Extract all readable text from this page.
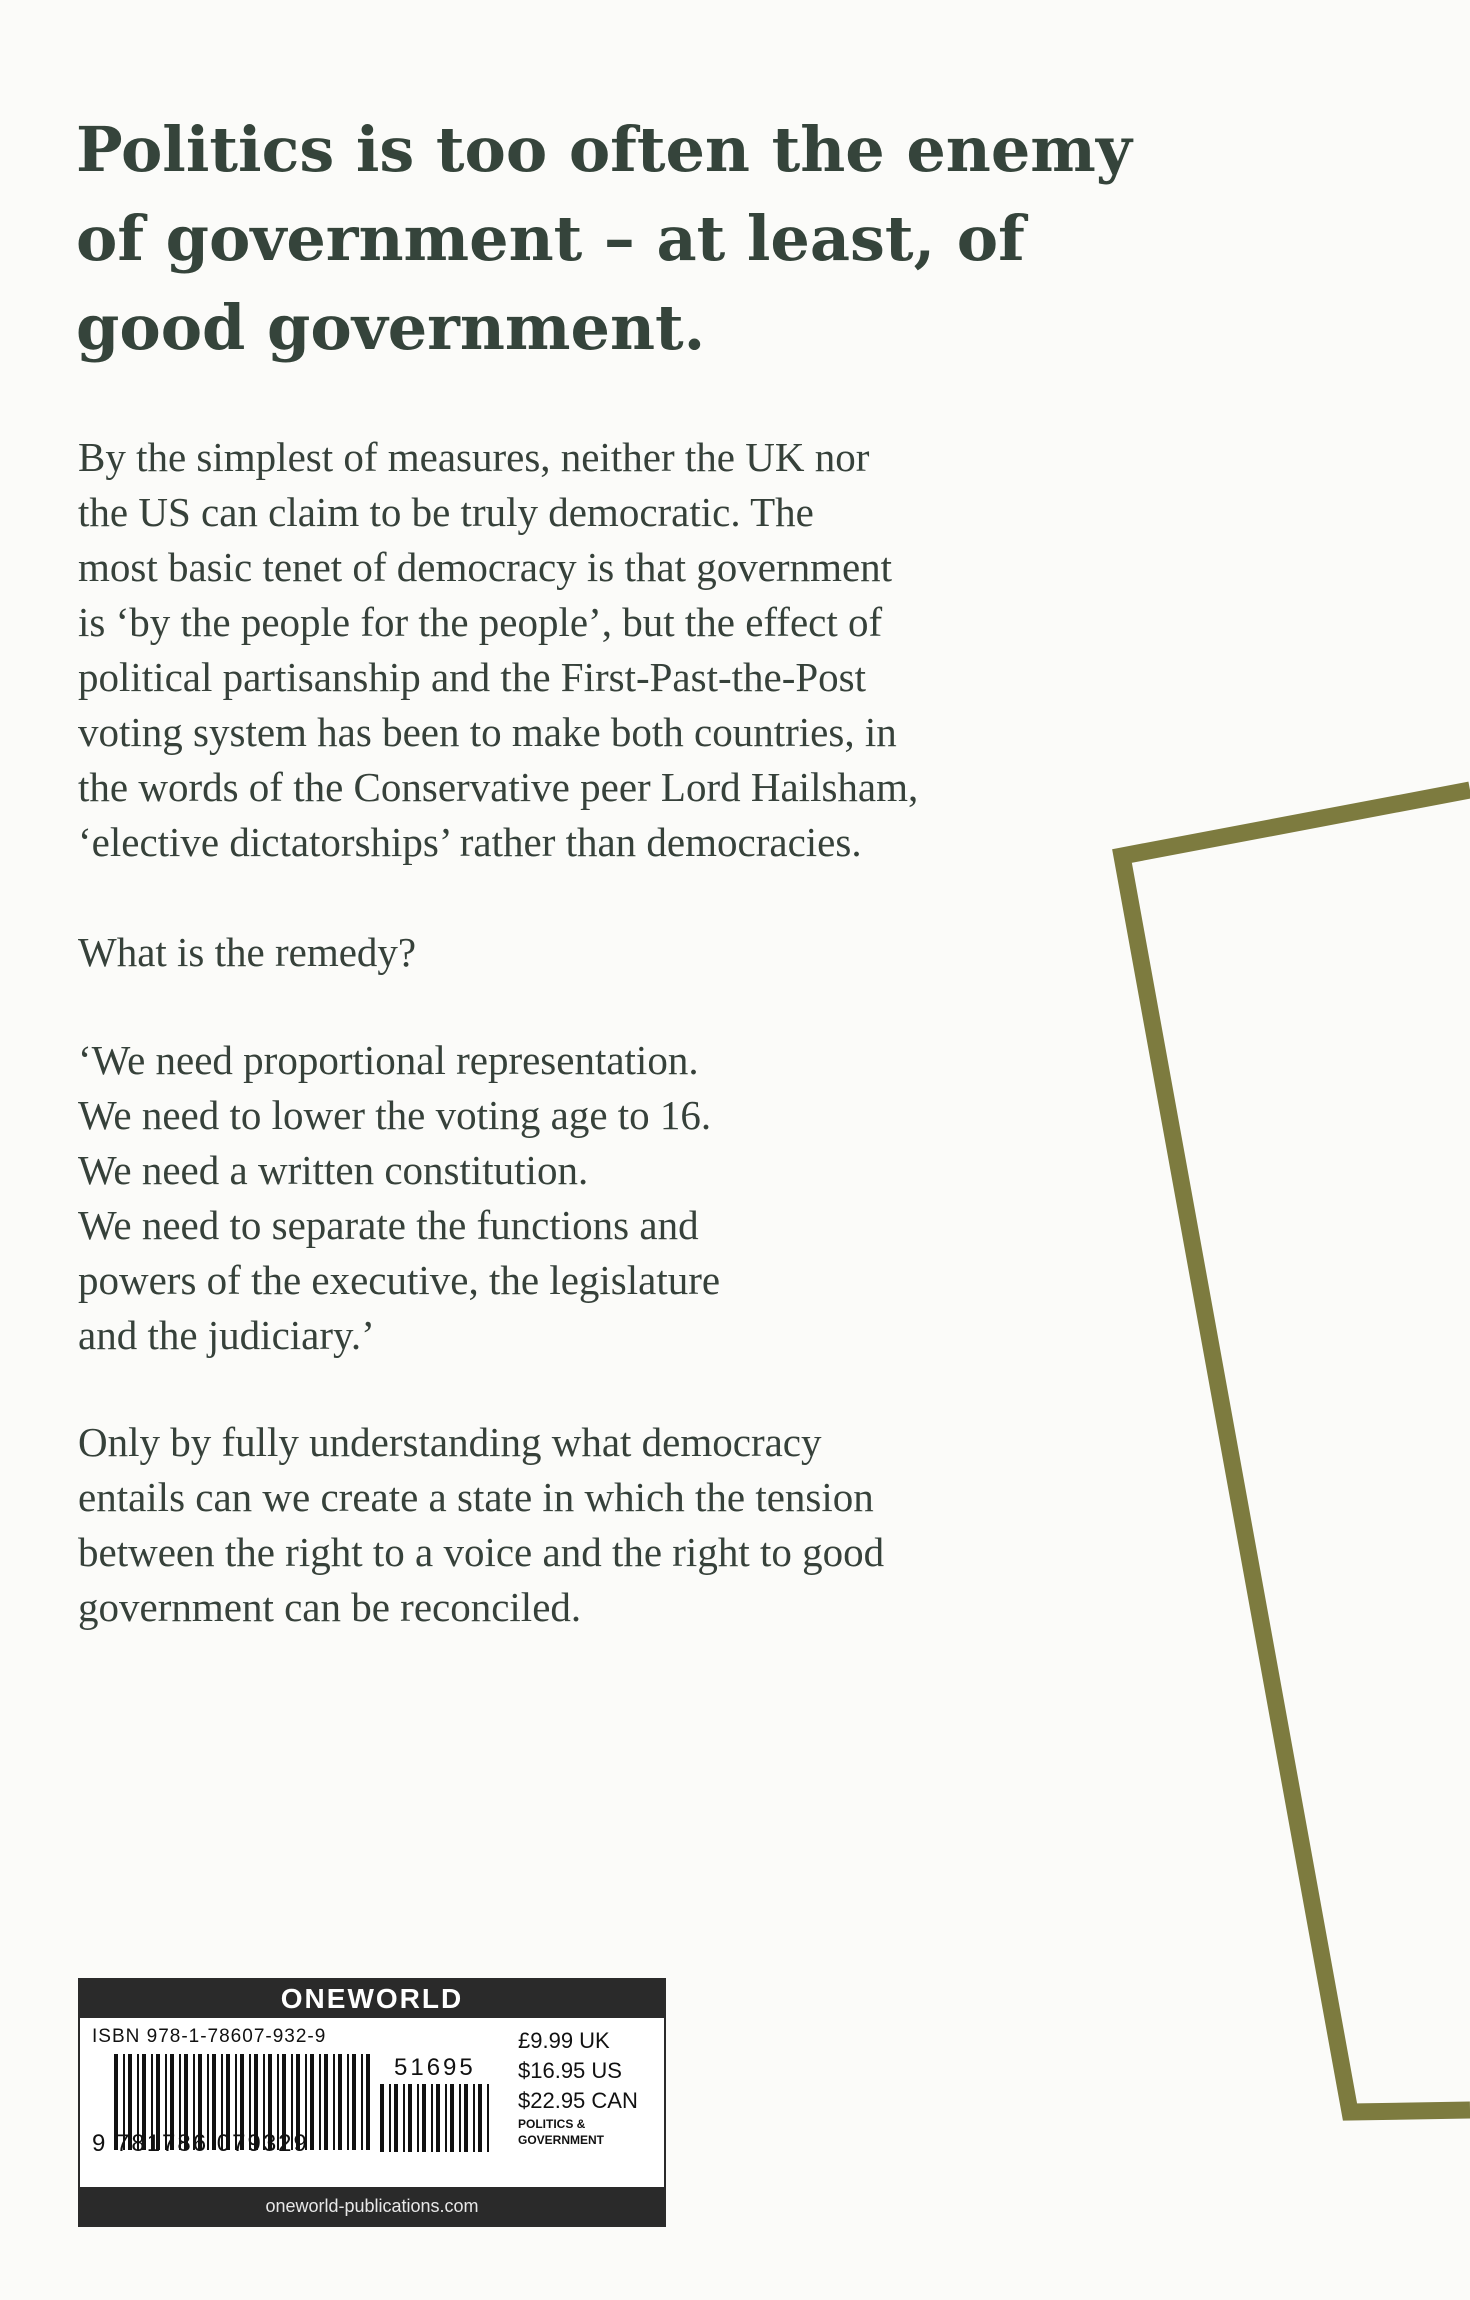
Politics is too often the enemy
of government – at least, of
good government.
By the simplest of measures, neither the UK nor
the US can claim to be truly democratic. The
most basic tenet of democracy is that government
is ‘by the people for the people’, but the effect of
political partisanship and the First-Past-the-Post
voting system has been to make both countries, in
the words of the Conservative peer Lord Hailsham,
‘elective dictatorships’ rather than democracies.
What is the remedy?
‘We need proportional representation.
We need to lower the voting age to 16.
We need a written constitution.
We need to separate the functions and
powers of the executive, the legislature
and the judiciary.’
Only by fully understanding what democracy
entails can we create a state in which the tension
between the right to a voice and the right to good
government can be reconciled.
ONEWORLD
ISBN 978-1-78607-932-9
9 781786 079329
51695
£9.99 UK
$16.95 US
$22.95 CAN
POLITICS &
GOVERNMENT
oneworld-publications.com
